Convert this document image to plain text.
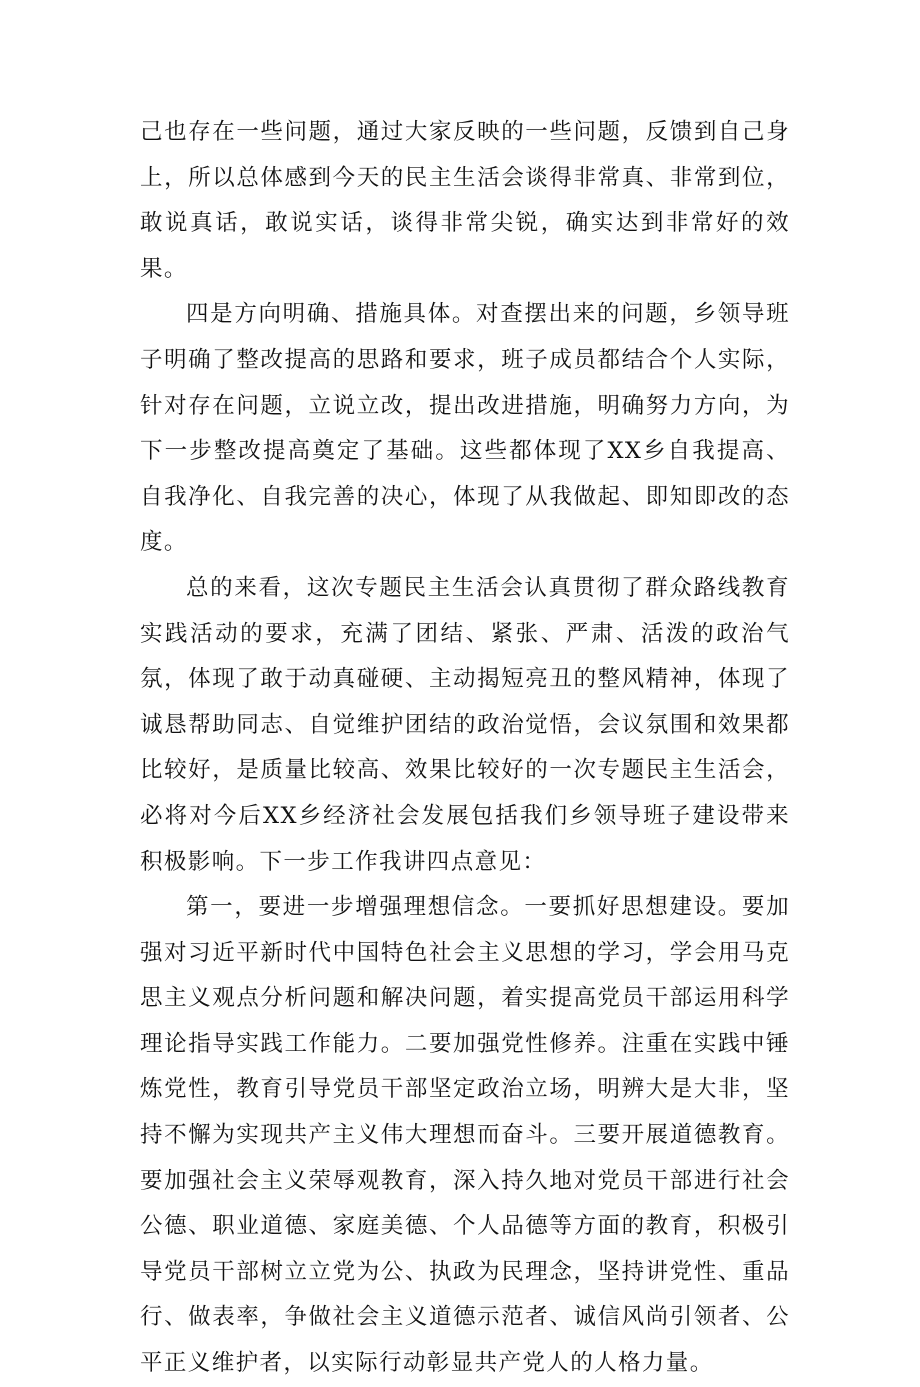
己也存在一些问题，通过大家反映的一些问题，反馈到自己身上，所以总体感到今天的民主生活会谈得非常真、非常到位，敢说真话，敢说实话，谈得非常尖锐，确实达到非常好的效果。

四是方向明确、措施具体。对查摆出来的问题，乡领导班子明确了整改提高的思路和要求，班子成员都结合个人实际，针对存在问题，立说立改，提出改进措施，明确努力方向，为下一步整改提高奠定了基础。这些都体现了XX乡自我提高、自我净化、自我完善的决心，体现了从我做起、即知即改的态度。

总的来看，这次专题民主生活会认真贯彻了群众路线教育实践活动的要求，充满了团结、紧张、严肃、活泼的政治气氛，体现了敢于动真碰硬、主动揭短亮丑的整风精神，体现了诚恳帮助同志、自觉维护团结的政治觉悟，会议氛围和效果都比较好，是质量比较高、效果比较好的一次专题民主生活会，必将对今后XX乡经济社会发展包括我们乡领导班子建设带来积极影响。下一步工作我讲四点意见：

第一，要进一步增强理想信念。一要抓好思想建设。要加强对习近平新时代中国特色社会主义思想的学习，学会用马克思主义观点分析问题和解决问题，着实提高党员干部运用科学理论指导实践工作能力。二要加强党性修养。注重在实践中锤炼党性，教育引导党员干部坚定政治立场，明辨大是大非，坚持不懈为实现共产主义伟大理想而奋斗。三要开展道德教育。要加强社会主义荣辱观教育，深入持久地对党员干部进行社会公德、职业道德、家庭美德、个人品德等方面的教育，积极引导党员干部树立立党为公、执政为民理念，坚持讲党性、重品行、做表率，争做社会主义道德示范者、诚信风尚引领者、公平正义维护者，以实际行动彰显共产党人的人格力量。
